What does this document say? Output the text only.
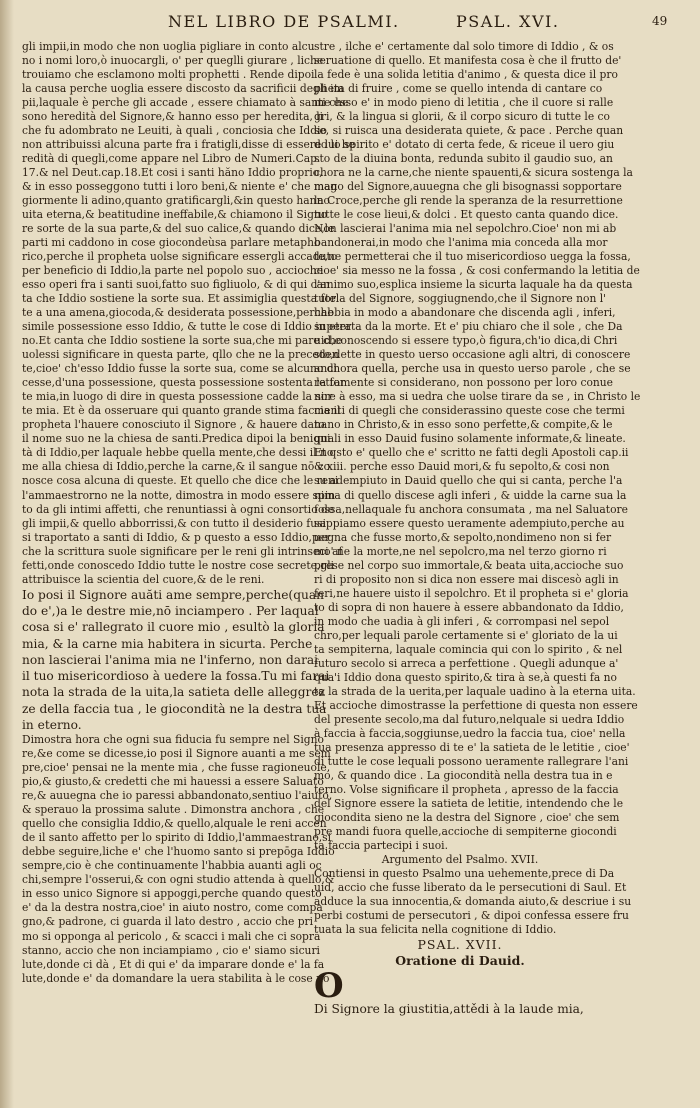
NEL LIBRO DE PSALMI.	PSAL. XVI.	49
gli impii,in modo che non uoglia pigliare in conto alcu
no i nomi loro,ò inuocargli, o' per queglli giurare , liche
trouiamo che esclamono molti prophetti . Rende dipoi
la causa perche uoglia essere discosto da sacrificii degli im
pii,laquale è perche gli accade , essere chiamato à santi che
sono heredità del Signore,& hanno esso per heredita, li
che fu adombrato ne Leuiti, à quali , conciosia che Iddio
non attribuissi alcuna parte fra i fratigli,disse di essere lui he
redità di quegli,come appare nel Libro de Numeri.Cap.
17.& nel Deut.cap.18.Et cosi i santi hăno Iddio proprio,
& in esso posseggono tutti i loro beni,& niente e' che mag
giormente li adino,quanto gratificargli,&in questo hanno
uita eterna,& beatitudine ineffabile,& chiamono il Signo
re sorte de la sua parte,& del suo calice,& quando dice,le
parti mi caddono in cose giocondeùsa parlare metapho
rico,perche il propheta uolse significare essergli accaduto
per beneficio di Iddio,la parte nel popolo suo , accioche
esso operi fra i santi suoi,fatto suo figliuolo, & di qui can
ta che Iddio sostiene la sorte sua. Et assimiglia questa for
te a una amena,giocoda,& desiderata possessione,perche
simile possessione esso Iddio, & tutte le cose di Iddio in eter
no.Et canta che Iddio sostiene la sorte sua,che mi pare che
uolessi significare in questa parte, qllo che ne la preceden
te,cioe' ch'esso Iddio fusse la sorte sua, come se alcuno di
cesse,d'una possessione, questa possessione sostenta la for
te mia,in luogo di dire in questa possessione cadde la sor
te mia. Et è da osseruare qui quanto grande stima faccia il
propheta l'hauere conosciuto il Signore , & hauere dato
il nome suo ne la chiesa de santi.Predica dipoi la benigni
tà di Iddio,per laquale hebbe quella mente,che dessi il no
me alla chiesa di Iddio,perche la carne,& il sangue nō co
nosce cosa alcuna di queste. Et quello che dice che le reni
l'ammaestrorno ne la notte, dimostra in modo essere spin
to da gli intimi affetti, che renuntiassi à ogni consortio de
gli impii,& quello abborrissi,& con tutto il desiderio fusi
si traportato a santi di Iddio, & p questo a esso Iddio,per
che la scrittura suole significare per le reni gli intrinseci af
fetti,onde conoscedo Iddio tutte le nostre cose secrete,gli
attribuisce la scientia del cuore,& de le reni.
Io posi il Signore auăti ame sempre,perche(quan
do e'‚)a le destre mie,nō inciampero . Per laqual
cosa si e' rallegrato il cuore mio , esultò la gloria
mia, & la carne mia habitera in sicurta. Perche
non lascierai l'anima mia ne l'inferno, non darai
il tuo misericordioso à uedere la fossa.Tu mi farai
nota la strada de la uita,la satieta delle alleggrez
ze della faccia tua , le giocondità ne la destra tua
in eterno.
Dimostra hora che ogni sua fiducia fu sempre nel Signo
re,&e come se dicesse,io posi il Signore auanti a me sem
pre,cioe' pensai ne la mente mia , che fusse ragioneuole,
pio,& giusto,& credetti che mi hauessi a essere Saluato
re,& auuegna che io paressi abbandonato,sentiuo l'aiuto,
& sperauo la prossima salute . Dimonstra anchora , che
quello che consiglia Iddio,& quello,alquale le reni accen
de il santo affetto per lo spirito di Iddio,l'ammaestrano,si
debbe seguire,liche e' che l'huomo santo si prepōga Iddio
sempre,cio è che continuamente l'habbia auanti agli oc
chi,sempre l'osserui,& con ogni studio attenda à quello,&
in esso unico Signore si appoggi,perche quando questo
e' da la destra nostra,cioe' in aiuto nostro, come compa
gno,& padrone, ci guarda il lato destro , accio che pri
mo si opponga al pericolo , & scacci i mali che ci sopra
stanno, accio che non inciampiamo , cio e' siamo sicuri
lute,donde ci dà , Et di qui e' da imparare donde e' la fa
lute,donde e' da domandare la uera stabilita à le cose no
stre , ilche e' certamente dal solo timore di Iddio , & os
seruatione di quello. Et manifesta cosa è che il frutto de'
la fede è una solida letitia d'animo , & questa dice il pro
pheta di fruire , come se quello intenda di cantare co
me esso e' in modo pieno di letitia , che il cuore si ralle
gri, & la lingua si glorii, & il corpo sicuro di tutte le co
se, si ruisca una desiderata quiete, & pace . Perche quan
do lo spirito e' dotato di certa fede, & riceue il uero giu
sto de la diuina bonta, redunda subito il gaudio suo, an
chora ne la carne,che niente spauenti,& sicura sostenga la
mano del Signore,auuegna che gli bisognassi sopportare
la Croce,perche gli rende la speranza de la resurrettione
tutte le cose lieui,& dolci . Et questo canta quando dice.
Non lascierai l'anima mia nel sepolchro.Cioe' non mi ab
bandonerai,in modo che l'anima mia conceda alla mor
te,ne permetterai che il tuo misericordioso uegga la fossa,
cioe' sia messo ne la fossa , & cosi confermando la letitia de
l'animo suo,esplica insieme la sicurta laquale ha da questa
tutela del Signore, soggiugnendo,che il Signore non l'
habbia in modo a abandonare che discenda agli , inferi,
superata da la morte. Et e' piu chiaro che il sole , che Da
uid,conoscendo si essere typo,ò figura,ch'io dica,di Chri
sto,dette in questo uerso occasione agli altri, di conoscere
anchora quella, perche usa in questo uerso parole , che se
rettamente si considerano, non possono per loro conue
nire à esso, ma si uedra che uolse tirare da se , in Christo le
menti di quegli che considerassino queste cose che termi
nano in Christo,& in esso sono perfette,& compite,& le
quali in esso Dauid fusino solamente informate,& lineate.
Et qsto e' quello che e' scritto ne fatti degli Apostoli cap.ii
& xiii. perche esso Dauid mori,& fu sepolto,& cosi non
su adempiuto in Dauid quello che qui si canta, perche l'a
nima di quello discese agli inferi , & uidde la carne sua la
fossa,nellaquale fu anchora consumata , ma nel Saluatore
sappiamo essere questo ueramente adempiuto,perche au
uegna che fusse morto,& sepolto,nondimeno non si fer
mo' ne la morte,ne nel sepolcro,ma nel terzo giorno ri
prese nel corpo suo immortale,& beata uita,accioche suo
ri di proposito non si dica non essere mai discesò agli in
feri,ne hauere uisto il sepolchro. Et il propheta si e' gloria
to di sopra di non hauere à essere abbandonato da Iddio,
in modo che uadia à gli inferi , & corrompasi nel sepol
chro,per lequali parole certamente si e' gloriato de la ui
ta sempiterna, laquale comincia qui con lo spirito , & nel
futuro secolo si arreca a perfettione . Quegli adunque a'
qua'i Iddio dona questo spirito,& tira à se,à questi fa no
ta la strada de la uerita,per laquale uadino à la eterna uita.
Et accioche dimostrasse la perfettione di questa non essere
del presente secolo,ma dal futuro,nelquale si uedra Iddio
à faccia à faccia,soggiunse,uedro la faccia tua, cioe' nella
tua presenza appresso di te e' la satieta de le letitie , cioe'
di tutte le cose lequali possono ueramente rallegrare l'ani
mo, & quando dice . La giocondità nella destra tua in e
terno. Volse significare il propheta , apresso de la faccia
del Signore essere la satieta de letitie, intendendo che le
giocondita sieno ne la destra del Signore , cioe' che sem
pre mandi fuora quelle,accioche di sempiterne giocondi
ta faccia partecipi i suoi.
Argumento del Psalmo. XVII.
Contiensi in questo Psalmo una uehemente,prece di Da
uid, accio che fusse liberato da le persecutioni di Saul. Et
adduce la sua innocentia,& domanda aiuto,& descriue i su
perbi costumi de persecutori , & dipoi confessa essere fru
tuata la sua felicita nella cognitione di Iddio.
PSAL. XVII.
Oratione di Dauid.
O
Di Signore la giustitia,attědi à la laude mia,
